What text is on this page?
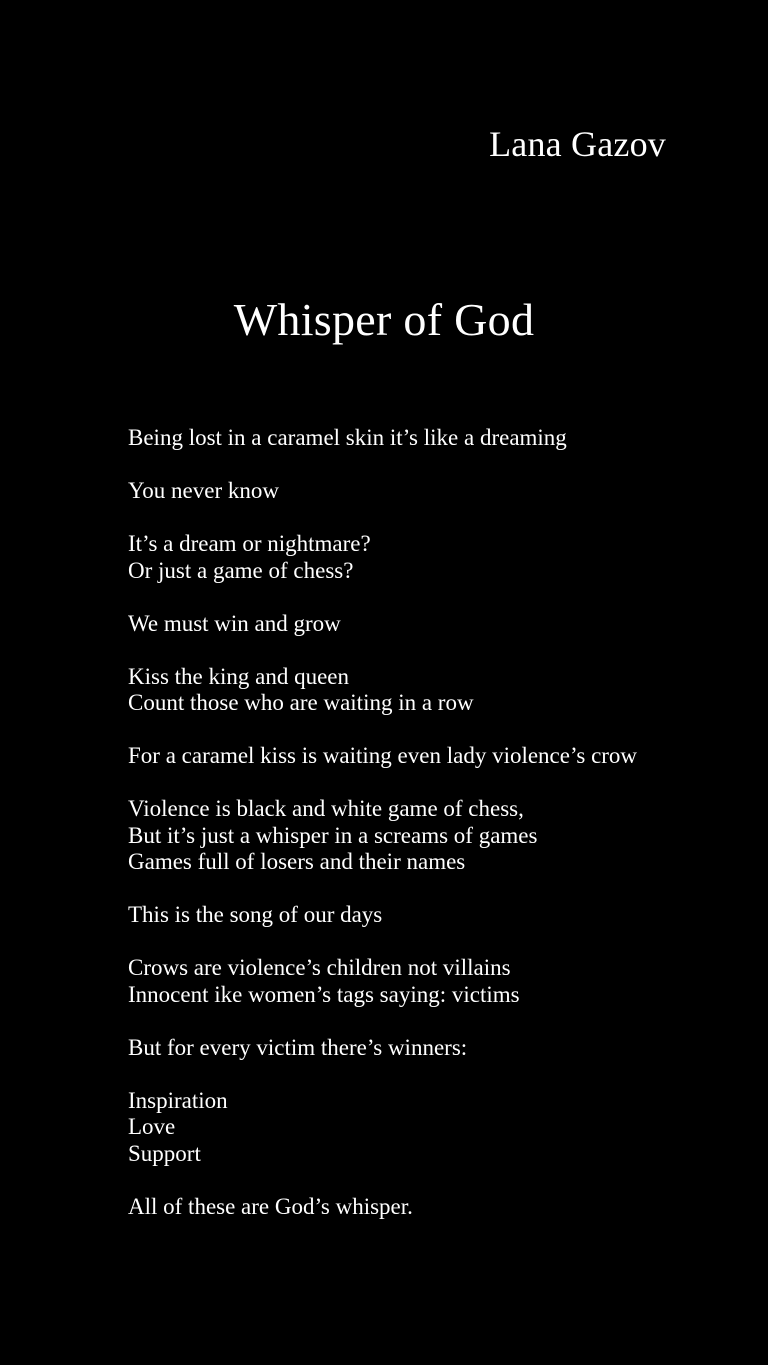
Lana Gazov
Whisper of God
Being lost in a caramel skin it’s like a dreaming
You never know
It’s a dream or nightmare?
Or just a game of chess?
We must win and grow
Kiss the king and queen
Count those who are waiting in a row
For a caramel kiss is waiting even lady violence’s crow
Violence is black and white game of chess,
But it’s just a whisper in a screams of games
Games full of losers and their names
This is the song of our days
Crows are violence’s children not villains
Innocent ike women’s tags saying: victims
But for every victim there’s winners:
Inspiration
Love
Support
All of these are God’s whisper.
